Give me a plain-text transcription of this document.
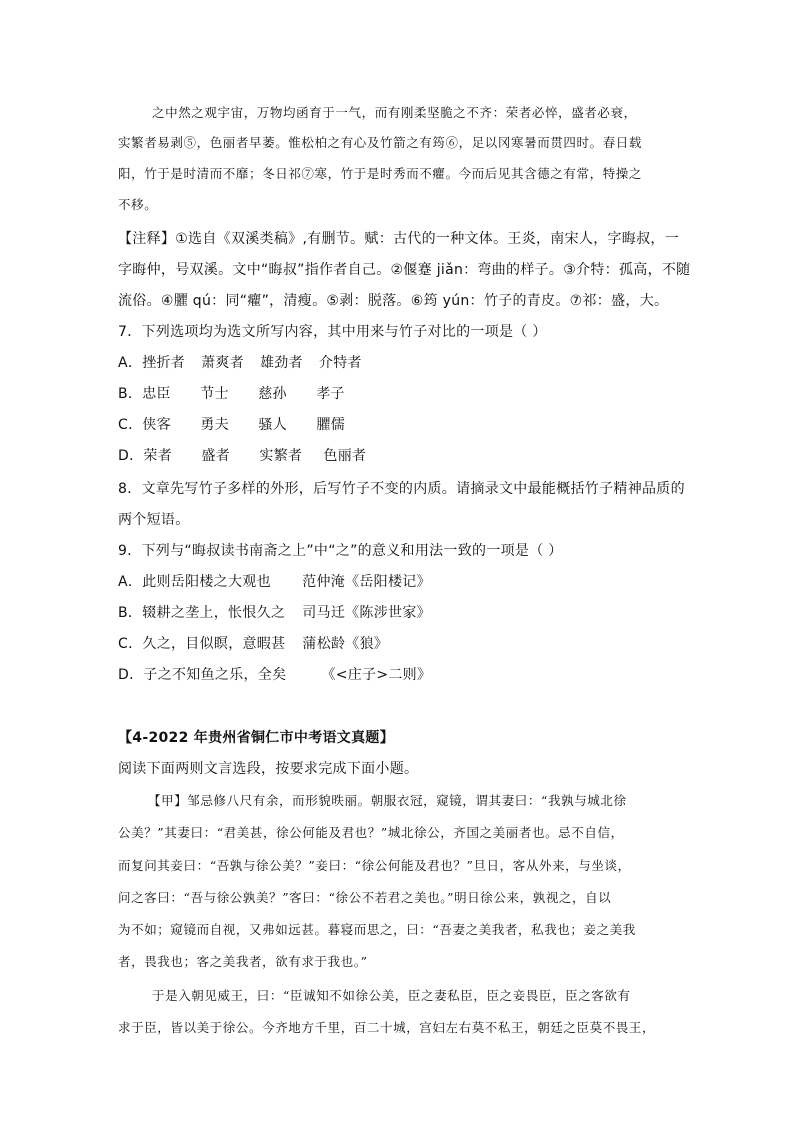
之中然之观宇宙，万物均函育于一气，而有刚柔坚脆之不齐：荣者必悴，盛者必衰，
实繁者易剥⑤，色丽者早萎。惟松柏之有心及竹箭之有筠⑥，足以冈寒暑而贯四时。春日载
阳，竹于是时清而不靡；冬日祁⑦寒，竹于是时秀而不癯。今而后见其含德之有常，特操之
不移。
【注释】①选自《双溪类稿》,有删节。赋：古代的一种文体。王炎，南宋人，字晦叔，一
字晦仲，号双溪。文中“晦叔”指作者自己。②偃蹇 jiǎn：弯曲的样子。③介特：孤高，不随
流俗。④臞 qú：同“癯”，清瘦。⑤剥：脱落。⑥筠 yún：竹子的青皮。⑦祁：盛，大。
7．下列选项均为选文所写内容，其中用来与竹子对比的一项是（ ）
A．挫折者 萧爽者 雄劲者 介特者
B．忠臣 节士 慈孙 孝子
C．侠客 勇夫 骚人 臞儒
D．荣者 盛者 实繁者 色丽者
8．文章先写竹子多样的外形，后写竹子不变的内质。请摘录文中最能概括竹子精神品质的
两个短语。
9．下列与“晦叔读书南斋之上”中“之”的意义和用法一致的一项是（ ）
A．此则岳阳楼之大观也 范仲淹《岳阳楼记》
B．辍耕之垄上，怅恨久之 司马迁《陈涉世家》
C．久之，目似瞑，意暇甚 蒲松龄《狼》
D．子之不知鱼之乐，全矣	《<庄子>二则》
【4-2022 年贵州省铜仁市中考语文真题】
阅读下面两则文言选段，按要求完成下面小题。
【甲】邹忌修八尺有余，而形貌昳丽。朝服衣冠，窥镜，谓其妻曰：“我孰与城北徐
公美？”其妻曰：“君美甚，徐公何能及君也？”城北徐公，齐国之美丽者也。忌不自信，
而复问其妾曰：“吾孰与徐公美？”妾曰：“徐公何能及君也？”旦日，客从外来，与坐谈，
问之客曰：“吾与徐公孰美？”客曰：“徐公不若君之美也。”明日徐公来，孰视之，自以
为不如；窥镜而自视，又弗如远甚。暮寝而思之，曰：“吾妻之美我者，私我也；妾之美我
者，畏我也；客之美我者，欲有求于我也。”
于是入朝见威王，曰：“臣诚知不如徐公美，臣之妻私臣，臣之妾畏臣，臣之客欲有
求于臣，皆以美于徐公。今齐地方千里，百二十城，宫妇左右莫不私王，朝廷之臣莫不畏王，
